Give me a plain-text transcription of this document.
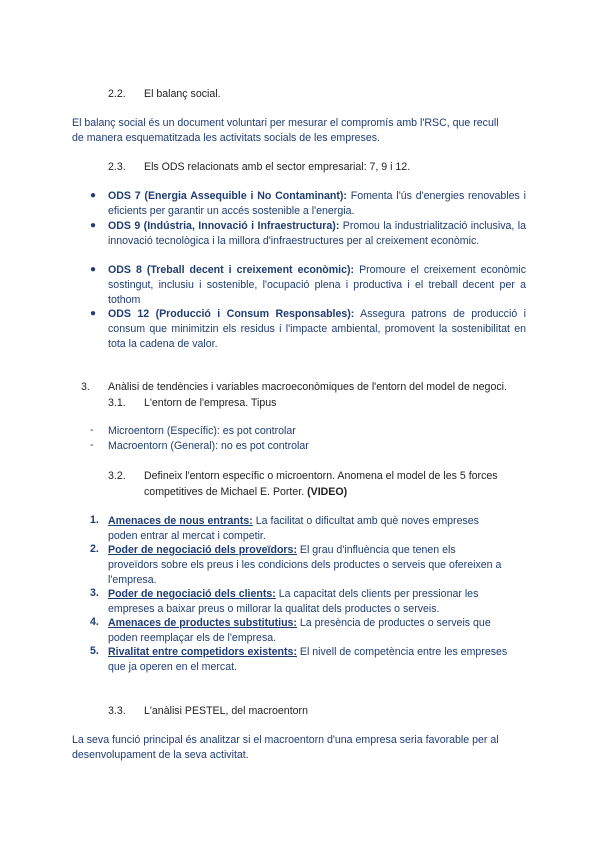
2.2. El balanç social.
El balanç social és un document voluntari per mesurar el compromís amb l'RSC, que recull
de manera esquematitzada les activitats socials de les empreses.
2.3. Els ODS relacionats amb el sector empresarial: 7, 9 i 12.
● ODS 7 (Energia Assequible i No Contaminant): Fomenta l'ús d'energies renovables i eficients per garantir un accés sostenible a l'energia.
● ODS 9 (Indústria, Innovació i Infraestructura): Promou la industrialització inclusiva, la innovació tecnològica i la millora d'infraestructures per al creixement econòmic.
● ODS 8 (Treball decent i creixement econòmic): Promoure el creixement econòmic sostingut, inclusiu i sostenible, l'ocupació plena i productiva i el treball decent per a tothom
● ODS 12 (Producció i Consum Responsables): Assegura patrons de producció i consum que minimitzin els residus i l'impacte ambiental, promovent la sostenibilitat en tota la cadena de valor.
3. Anàlisi de tendències i variables macroeconòmiques de l'entorn del model de negoci.
3.1. L'entorn de l'empresa. Tipus
- Microentorn (Específic): es pot controlar
- Macroentorn (General): no es pot controlar
3.2. Defineix l'entorn específic o microentorn. Anomena el model de les 5 forces
competitives de Michael E. Porter. (VIDEO)
1. Amenaces de nous entrants: La facilitat o dificultat amb què noves empreses
poden entrar al mercat i competir.
2. Poder de negociació dels proveïdors: El grau d'influència que tenen els
proveïdors sobre els preus i les condicions dels productes o serveis que ofereixen a
l'empresa.
3. Poder de negociació dels clients: La capacitat dels clients per pressionar les
empreses a baixar preus o millorar la qualitat dels productes o serveis.
4. Amenaces de productes substitutius: La presència de productes o serveis que
poden reemplaçar els de l'empresa.
5. Rivalitat entre competidors existents: El nivell de competència entre les empreses
que ja operen en el mercat.
3.3. L'anàlisi PESTEL, del macroentorn
La seva funció principal és analitzar si el macroentorn d'una empresa seria favorable per al
desenvolupament de la seva activitat.
